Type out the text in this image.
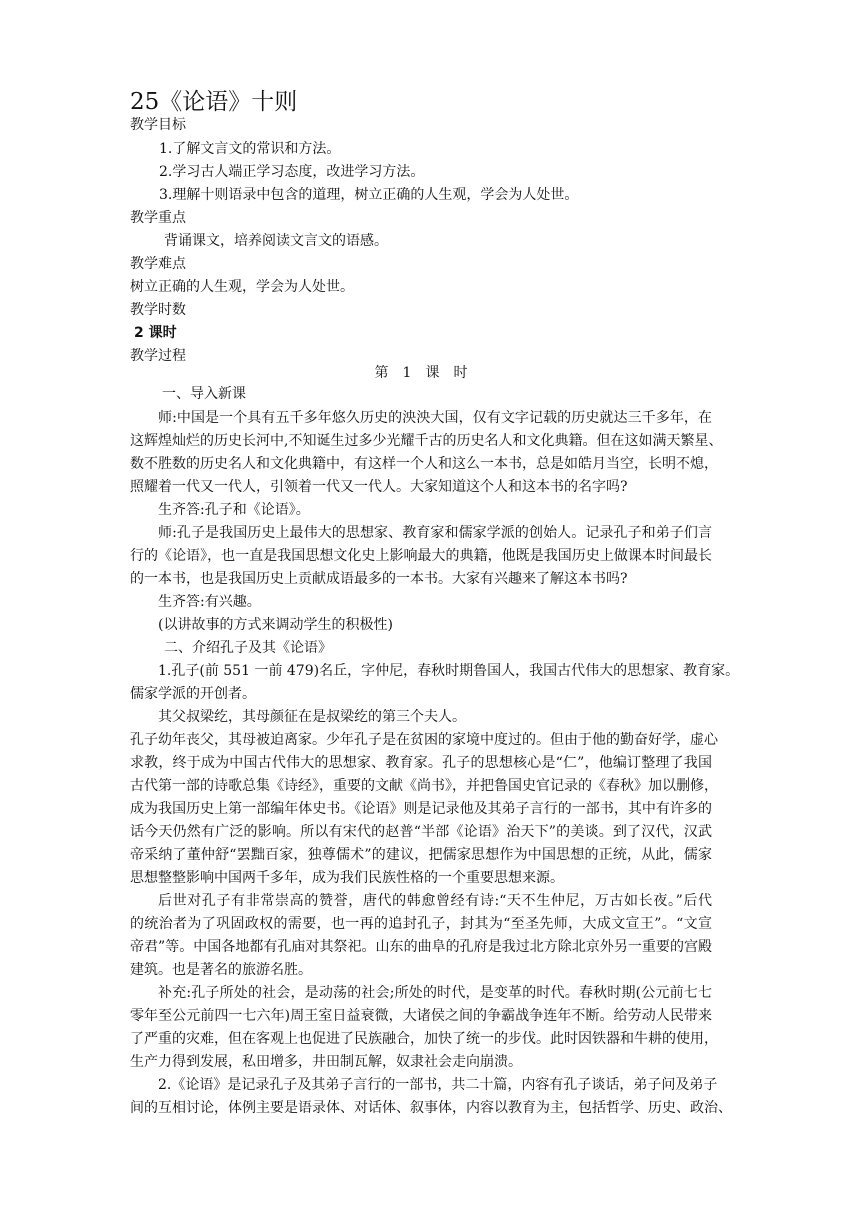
25《论语》十则
教学目标
1.了解文言文的常识和方法。
2.学习古人端正学习态度，改进学习方法。
3.理解十则语录中包含的道理，树立正确的人生观，学会为人处世。
教学重点
背诵课文，培养阅读文言文的语感。
教学难点
树立正确的人生观，学会为人处世。
教学时数
2 课时
教学过程
第　1　课　时
一、导入新课
师:中国是一个具有五千多年悠久历史的泱泱大国，仅有文字记载的历史就达三千多年，在
这辉煌灿烂的历史长河中,不知诞生过多少光耀千古的历史名人和文化典籍。但在这如满天繁星、
数不胜数的历史名人和文化典籍中，有这样一个人和这么一本书，总是如皓月当空，长明不熄，
照耀着一代又一代人，引领着一代又一代人。大家知道这个人和这本书的名字吗?
生齐答:孔子和《论语》。
师:孔子是我国历史上最伟大的思想家、教育家和儒家学派的创始人。记录孔子和弟子们言
行的《论语》，也一直是我国思想文化史上影响最大的典籍，他既是我国历史上做课本时间最长
的一本书，也是我国历史上贡献成语最多的一本书。大家有兴趣来了解这本书吗?
生齐答:有兴趣。
(以讲故事的方式来调动学生的积极性)
二、介绍孔子及其《论语》
1.孔子(前 551 一前 479)名丘，字仲尼，春秋时期鲁国人，我国古代伟大的思想家、教育家。
儒家学派的开创者。
其父叔梁纥，其母颜征在是叔梁纥的第三个夫人。
孔子幼年丧父，其母被迫离家。少年孔子是在贫困的家境中度过的。但由于他的勤奋好学，虚心
求教，终于成为中国古代伟大的思想家、教育家。孔子的思想核心是“仁”，他编订整理了我国
古代第一部的诗歌总集《诗经》，重要的文献《尚书》，并把鲁国史官记录的《春秋》加以删修，
成为我国历史上第一部编年体史书。《论语》则是记录他及其弟子言行的一部书，其中有许多的
话今天仍然有广泛的影响。所以有宋代的赵普“半部《论语》治天下”的美谈。到了汉代，汉武
帝采纳了董仲舒“罢黜百家，独尊儒术”的建议，把儒家思想作为中国思想的正统，从此，儒家
思想整整影响中国两千多年，成为我们民族性格的一个重要思想来源。
后世对孔子有非常崇高的赞誉，唐代的韩愈曾经有诗:“天不生仲尼，万古如长夜。”后代
的统治者为了巩固政权的需要，也一再的追封孔子，封其为“至圣先师，大成文宣王”。“文宣
帝君”等。中国各地都有孔庙对其祭祀。山东的曲阜的孔府是我过北方除北京外另一重要的宫殿
建筑。也是著名的旅游名胜。
补充:孔子所处的社会，是动荡的社会;所处的时代，是变革的时代。春秋时期(公元前七七
零年至公元前四一七六年)周王室日益衰微，大诸侯之间的争霸战争连年不断。给劳动人民带来
了严重的灾难，但在客观上也促进了民族融合，加快了统一的步伐。此时因铁器和牛耕的使用，
生产力得到发展，私田增多，井田制瓦解，奴隶社会走向崩溃。
2.《论语》是记录孔子及其弟子言行的一部书，共二十篇，内容有孔子谈话，弟子问及弟子
间的互相讨论，体例主要是语录体、对话体、叙事体，内容以教育为主，包括哲学、历史、政治、
